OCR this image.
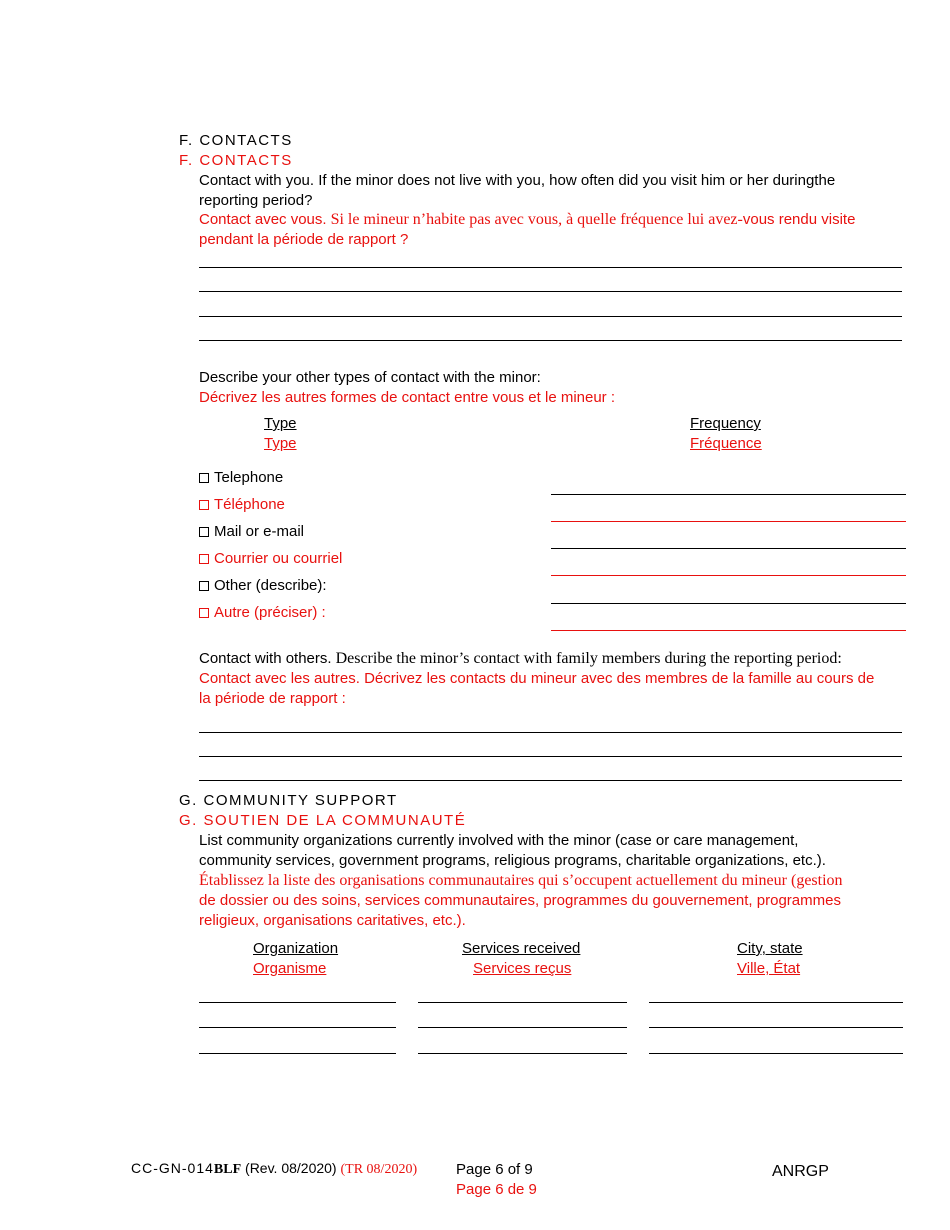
F. CONTACTS
F. CONTACTS
Contact with you. If the minor does not live with you, how often did you visit him or her duringthe
reporting period?
Contact avec vous. Si le mineur n’habite pas avec vous, à quelle fréquence lui avez-vous rendu visite
pendant la période de rapport ?
Describe your other types of contact with the minor:
Décrivez les autres formes de contact entre vous et le mineur :
Type
Type
Frequency
Fréquence
Telephone
Téléphone
Mail or e-mail
Courrier ou courriel
Other (describe):
Autre (préciser) :
Contact with others. Describe the minor’s contact with family members during the reporting period:
Contact avec les autres. Décrivez les contacts du mineur avec des membres de la famille au cours de
la période de rapport :
G. COMMUNITY SUPPORT
G. SOUTIEN DE LA COMMUNAUTÉ
List community organizations currently involved with the minor (case or care management,
community services, government programs, religious programs, charitable organizations, etc.).
Établissez la liste des organisations communautaires qui s’occupent actuellement du mineur (gestion
de dossier ou des soins, services communautaires, programmes du gouvernement, programmes
religieux, organisations caritatives, etc.).
Organization
Organisme
Services received
Services reçus
City, state
Ville, État
CC-GN-014BLF (Rev. 08/2020) (TR 08/2020)	Page 6 of 9
Page 6 de 9
ANRGP
